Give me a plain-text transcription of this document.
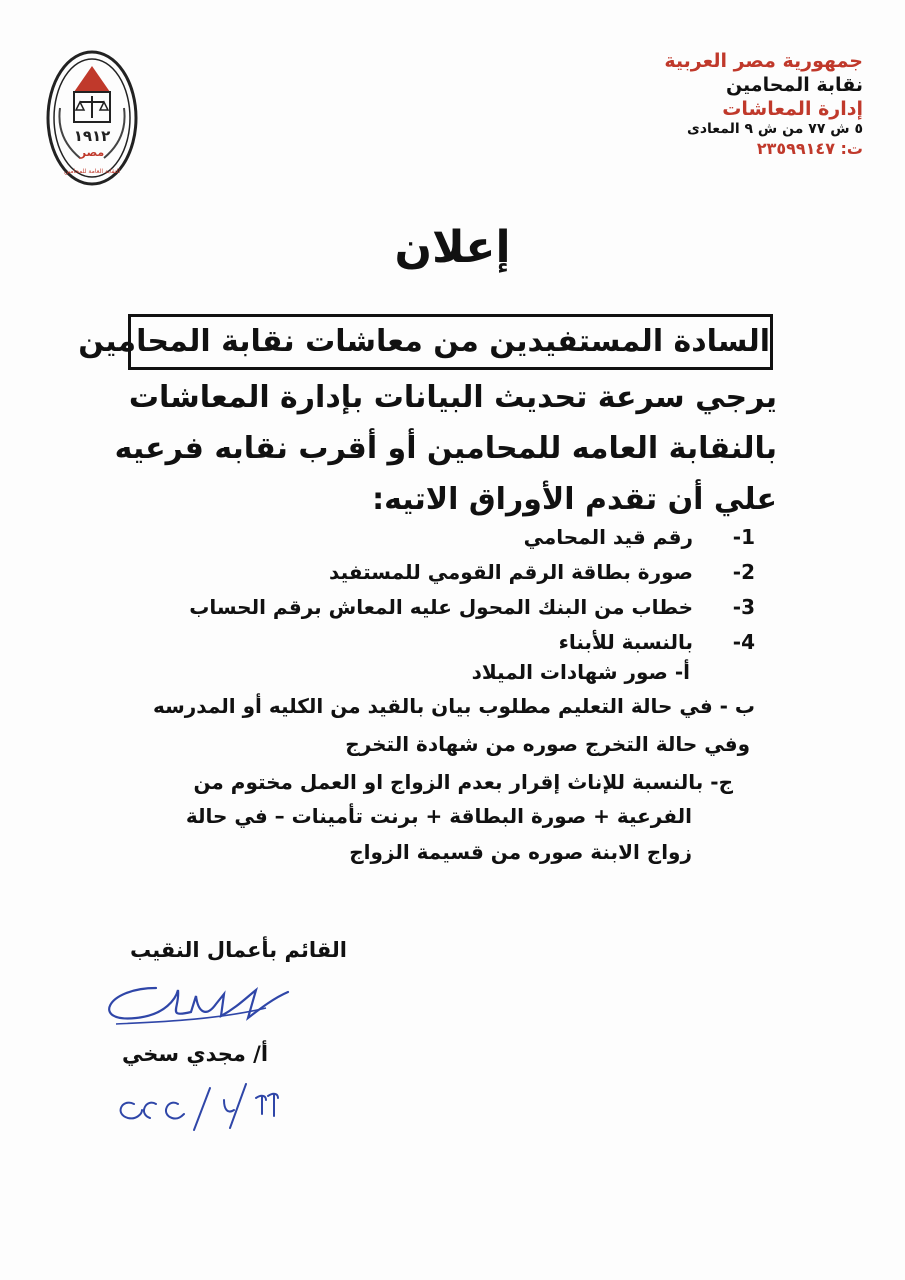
جمهورية مصر العربية
نقابة المحامين
إدارة المعاشات
٥ ش ٧٧ من ش ٩ المعادى
ت: ٢٣٥٩٩١٤٧
١٩١٢
مصر
النقابة العامة للمحامين
إعلان
السادة المستفيدين من معاشات نقابة المحامين
يرجي سرعة تحديث البيانات بإدارة المعاشات
بالنقابة العامه للمحامين أو أقرب نقابه فرعيه
علي أن تقدم الأوراق الاتيه:
1-رقم قيد المحامي
2-صورة بطاقة الرقم القومي للمستفيد
3-خطاب من البنك المحول عليه المعاش برقم الحساب
4-بالنسبة للأبناء
أ- صور شهادات الميلاد
ب - في حالة التعليم مطلوب بيان بالقيد من الكليه أو المدرسه
وفي حالة التخرج صوره من شهادة التخرج
ج- بالنسبة للإناث إقرار بعدم الزواج او العمل مختوم من
الفرعية + صورة البطاقة + برنت تأمينات – في حالة
زواج الابنة صوره من قسيمة الزواج
القائم بأعمال النقيب
أ/ مجدي سخي
